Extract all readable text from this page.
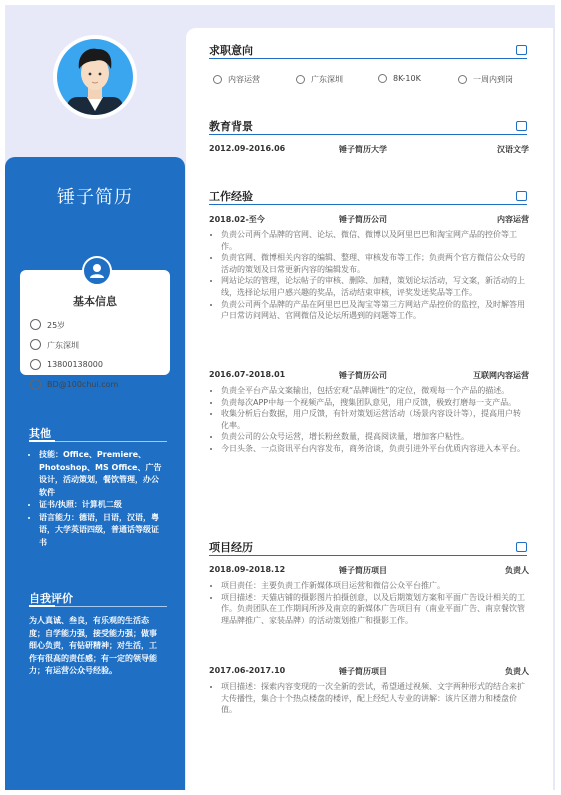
锤子简历
基本信息
25岁
广东深圳
13800138000
BD@100chui.com
其他
• 技能：Office、Premiere、Photoshop、MS Office、广告设计，活动策划，餐饮管理，办公软件
• 证书/执照：计算机二级
• 语言能力：德语，日语，汉语，粤语，大学英语四级，普通话等级证书
自我评价
为人真诚、叁良，有乐观的生活态度；自学能力强，接受能力强；做事细心负责，有钻研精神；对生活，工作有很高的责任感；有一定的领导能力；有运营公众号经验。
求职意向
内容运营	广东深圳	8K-10K	一周内到岗
教育背景
2012.09-2016.06	锤子简历大学	汉语文学
工作经验
2018.02-至今	锤子简历公司	内容运营
• 负责公司两个品牌的官网、论坛、微信、微博以及阿里巴巴和淘宝网产品的控价等工作。
• 负责官网、微博相关内容的编辑、整理、审核发布等工作；负责两个官方微信公众号的活动的策划及日常更新内容的编辑发布。
• 网站论坛的管理，论坛帖子的审核、删除、加精，策划论坛活动，写文案，新活动的上线，选择论坛用户感兴趣的奖品，活动结束审核，评奖发送奖品等工作。
• 负责公司两个品牌的产品在阿里巴巴及淘宝等第三方网站产品控价的监控，及时解答用户日常访问网站、官网微信及论坛所遇到的问题等工作。
2016.07-2018.01	锤子简历公司	互联网内容运营
• 负责全平台产品文案输出，包括宏观“品牌调性”的定位，微观每一个产品的描述。
• 负责每次APP中每一个视频产品，搜集团队意见，用户反馈，极致打磨每一支产品。
• 收集分析后台数据，用户反馈，有针对策划运营活动（场景内容设计等），提高用户转化率。
• 负责公司的公众号运营，增长粉丝数量，提高阅读量，增加客户粘性。
• 今日头条、一点资讯平台内容发布，商务洽谈，负责引进外平台优质内容进入本平台。
项目经历
2018.09-2018.12	锤子简历项目	负责人
• 项目责任：主要负责工作新媒体项目运营和微信公众平台推广。
• 项目描述：天猫店铺的摄影图片拍摄创意，以及后期策划方案和平面广告设计相关的工作。负责团队在工作期间所涉及南京的新媒体广告项目有（南业平面广告、南京餐饮管理品牌推广、家装品牌）的活动策划推广和摄影工作。
2017.06-2017.10	锤子简历项目	负责人
• 项目描述：探索内容变现的一次全新的尝试，希望通过视频、文字两种形式的结合来扩大传播性，集合十个热点楼盘的楼评，配上经纪人专业的讲解：该片区潜力和楼盘价值。
